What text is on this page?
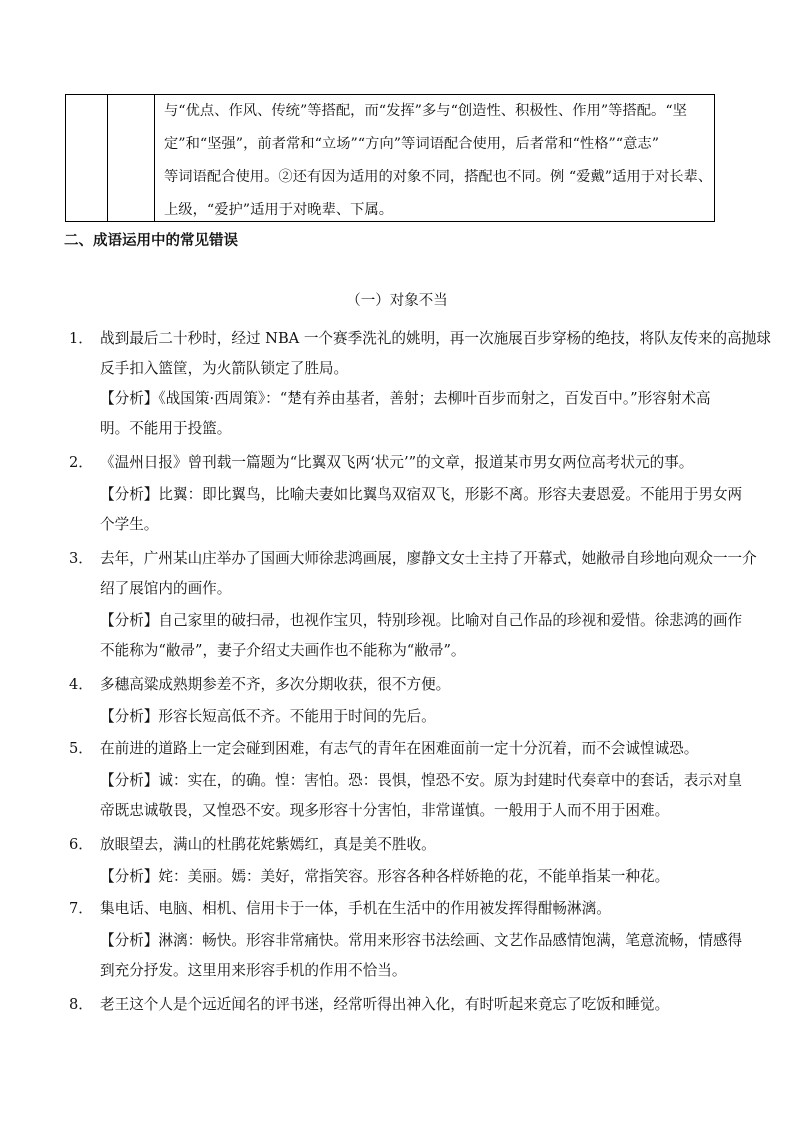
与“优点、作风、传统”等搭配，而“发挥”多与“创造性、积极性、作用”等搭配。“坚
定”和“坚强”，前者常和“立场”“方向”等词语配合使用，后者常和“性格”“意志”
等词语配合使用。②还有因为适用的对象不同，搭配也不同。例 “爱戴”适用于对长辈、
上级，“爱护”适用于对晚辈、下属。
二、成语运用中的常见错误
（一）对象不当
1． 战到最后二十秒时，经过 NBA 一个赛季洗礼的姚明，再一次施展百步穿杨的绝技，将队友传来的高抛球
反手扣入篮筐，为火箭队锁定了胜局。
【分析】《战国策·西周策》：“楚有养由基者，善射；去柳叶百步而射之，百发百中。”形容射术高
明。不能用于投篮。
2． 《温州日报》曾刊载一篇题为“比翼双飞两‘状元’”的文章，报道某市男女两位高考状元的事。
【分析】比翼：即比翼鸟，比喻夫妻如比翼鸟双宿双飞，形影不离。形容夫妻恩爱。不能用于男女两
个学生。
3． 去年，广州某山庄举办了国画大师徐悲鸿画展，廖静文女士主持了开幕式，她敝帚自珍地向观众一一介
绍了展馆内的画作。
【分析】自己家里的破扫帚，也视作宝贝，特别珍视。比喻对自己作品的珍视和爱惜。徐悲鸿的画作
不能称为“敝帚”，妻子介绍丈夫画作也不能称为“敝帚”。
4． 多穗高粱成熟期参差不齐，多次分期收获，很不方便。
【分析】形容长短高低不齐。不能用于时间的先后。
5． 在前进的道路上一定会碰到困难，有志气的青年在困难面前一定十分沉着，而不会诚惶诚恐。
【分析】诚：实在，的确。惶：害怕。恐：畏惧，惶恐不安。原为封建时代奏章中的套话，表示对皇
帝既忠诚敬畏，又惶恐不安。现多形容十分害怕，非常谨慎。一般用于人而不用于困难。
6． 放眼望去，满山的杜鹃花姹紫嫣红，真是美不胜收。
【分析】姹：美丽。嫣：美好，常指笑容。形容各种各样娇艳的花，不能单指某一种花。
7． 集电话、电脑、相机、信用卡于一体，手机在生活中的作用被发挥得酣畅淋漓。
【分析】淋漓：畅快。形容非常痛快。常用来形容书法绘画、文艺作品感情饱满，笔意流畅，情感得
到充分抒发。这里用来形容手机的作用不恰当。
8． 老王这个人是个远近闻名的评书迷，经常听得出神入化，有时听起来竟忘了吃饭和睡觉。
